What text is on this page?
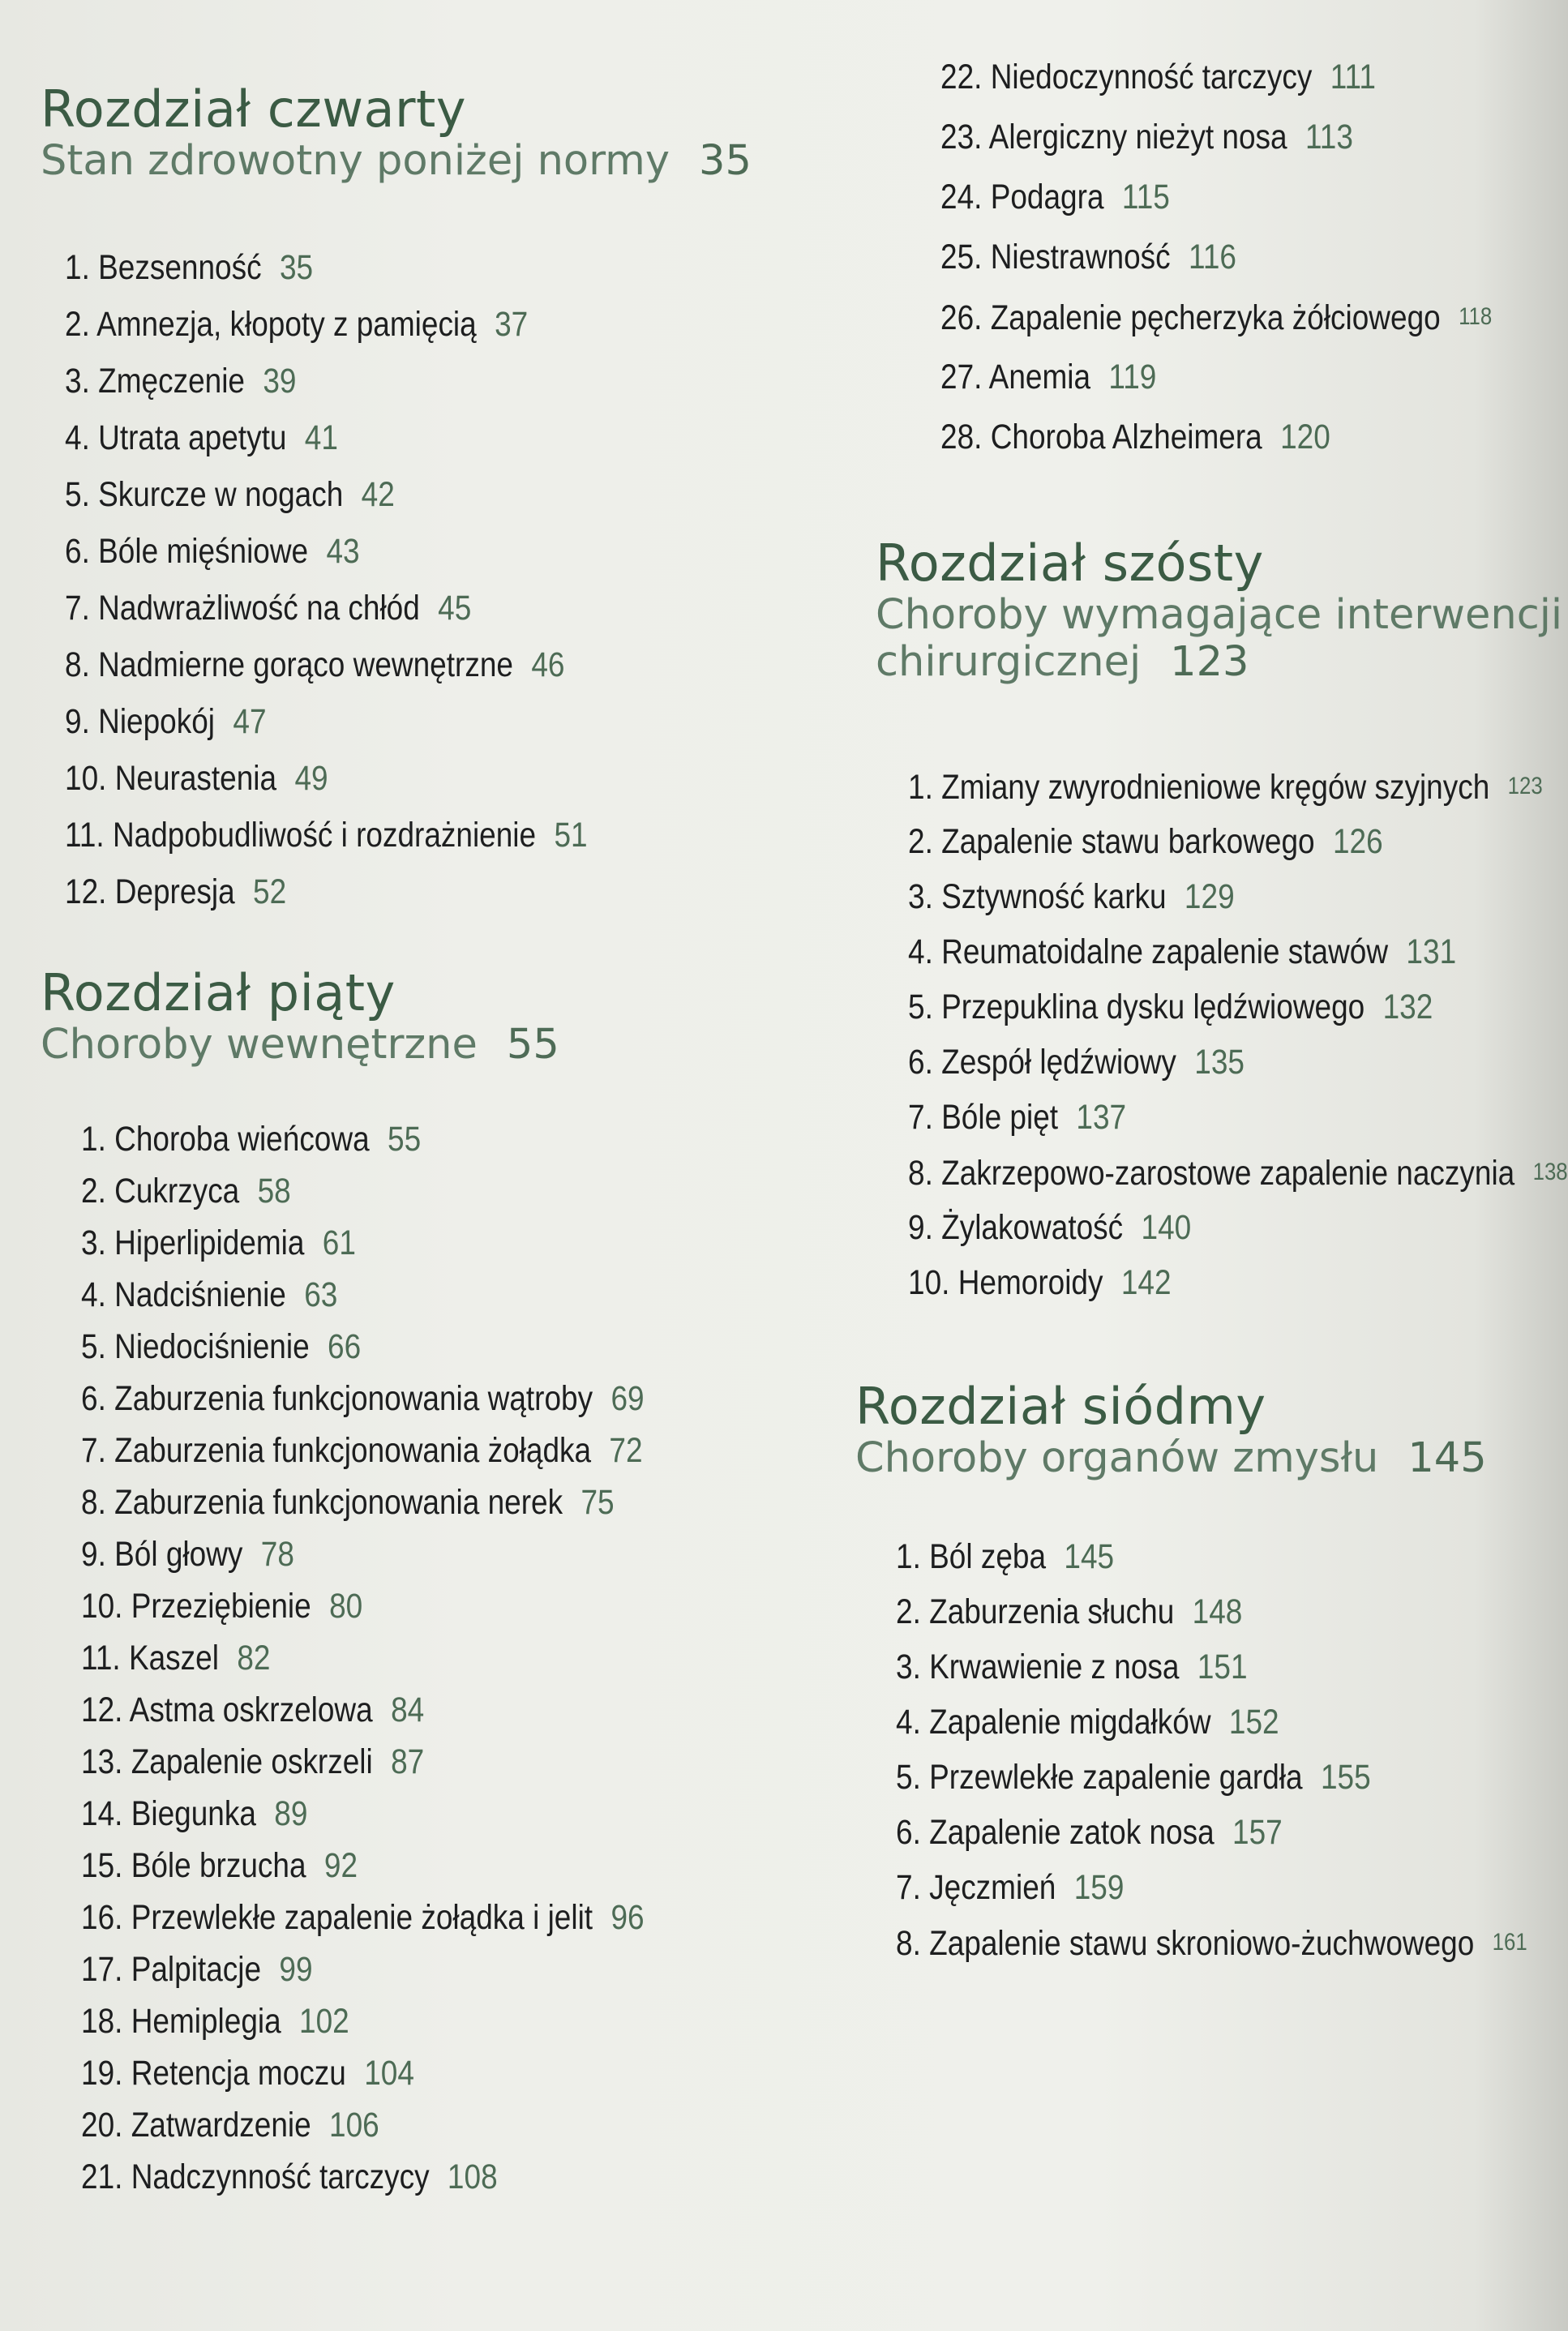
Rozdział czwarty
Stan zdrowotny poniżej normy 35
1. Bezsenność 35
2. Amnezja, kłopoty z pamięcią 37
3. Zmęczenie 39
4. Utrata apetytu 41
5. Skurcze w nogach 42
6. Bóle mięśniowe 43
7. Nadwrażliwość na chłód 45
8. Nadmierne gorąco wewnętrzne 46
9. Niepokój 47
10. Neurastenia 49
11. Nadpobudliwość i rozdrażnienie 51
12. Depresja 52
Rozdział piąty
Choroby wewnętrzne 55
1. Choroba wieńcowa 55
2. Cukrzyca 58
3. Hiperlipidemia 61
4. Nadciśnienie 63
5. Niedociśnienie 66
6. Zaburzenia funkcjonowania wątroby 69
7. Zaburzenia funkcjonowania żołądka 72
8. Zaburzenia funkcjonowania nerek 75
9. Ból głowy 78
10. Przeziębienie 80
11. Kaszel 82
12. Astma oskrzelowa 84
13. Zapalenie oskrzeli 87
14. Biegunka 89
15. Bóle brzucha 92
16. Przewlekłe zapalenie żołądka i jelit 96
17. Palpitacje 99
18. Hemiplegia 102
19. Retencja moczu 104
20. Zatwardzenie 106
21. Nadczynność tarczycy 108
22. Niedoczynność tarczycy 111
23. Alergiczny nieżyt nosa 113
24. Podagra 115
25. Niestrawność 116
26. Zapalenie pęcherzyka żółciowego 118
27. Anemia 119
28. Choroba Alzheimera 120
Rozdział szósty
Choroby wymagające interwencji
chirurgicznej 123
1. Zmiany zwyrodnieniowe kręgów szyjnych 123
2. Zapalenie stawu barkowego 126
3. Sztywność karku 129
4. Reumatoidalne zapalenie stawów 131
5. Przepuklina dysku lędźwiowego 132
6. Zespół lędźwiowy 135
7. Bóle pięt 137
8. Zakrzepowo-zarostowe zapalenie naczynia 138
9. Żylakowatość 140
10. Hemoroidy 142
Rozdział siódmy
Choroby organów zmysłu 145
1. Ból zęba 145
2. Zaburzenia słuchu 148
3. Krwawienie z nosa 151
4. Zapalenie migdałków 152
5. Przewlekłe zapalenie gardła 155
6. Zapalenie zatok nosa 157
7. Jęczmień 159
8. Zapalenie stawu skroniowo-żuchwowego 161
